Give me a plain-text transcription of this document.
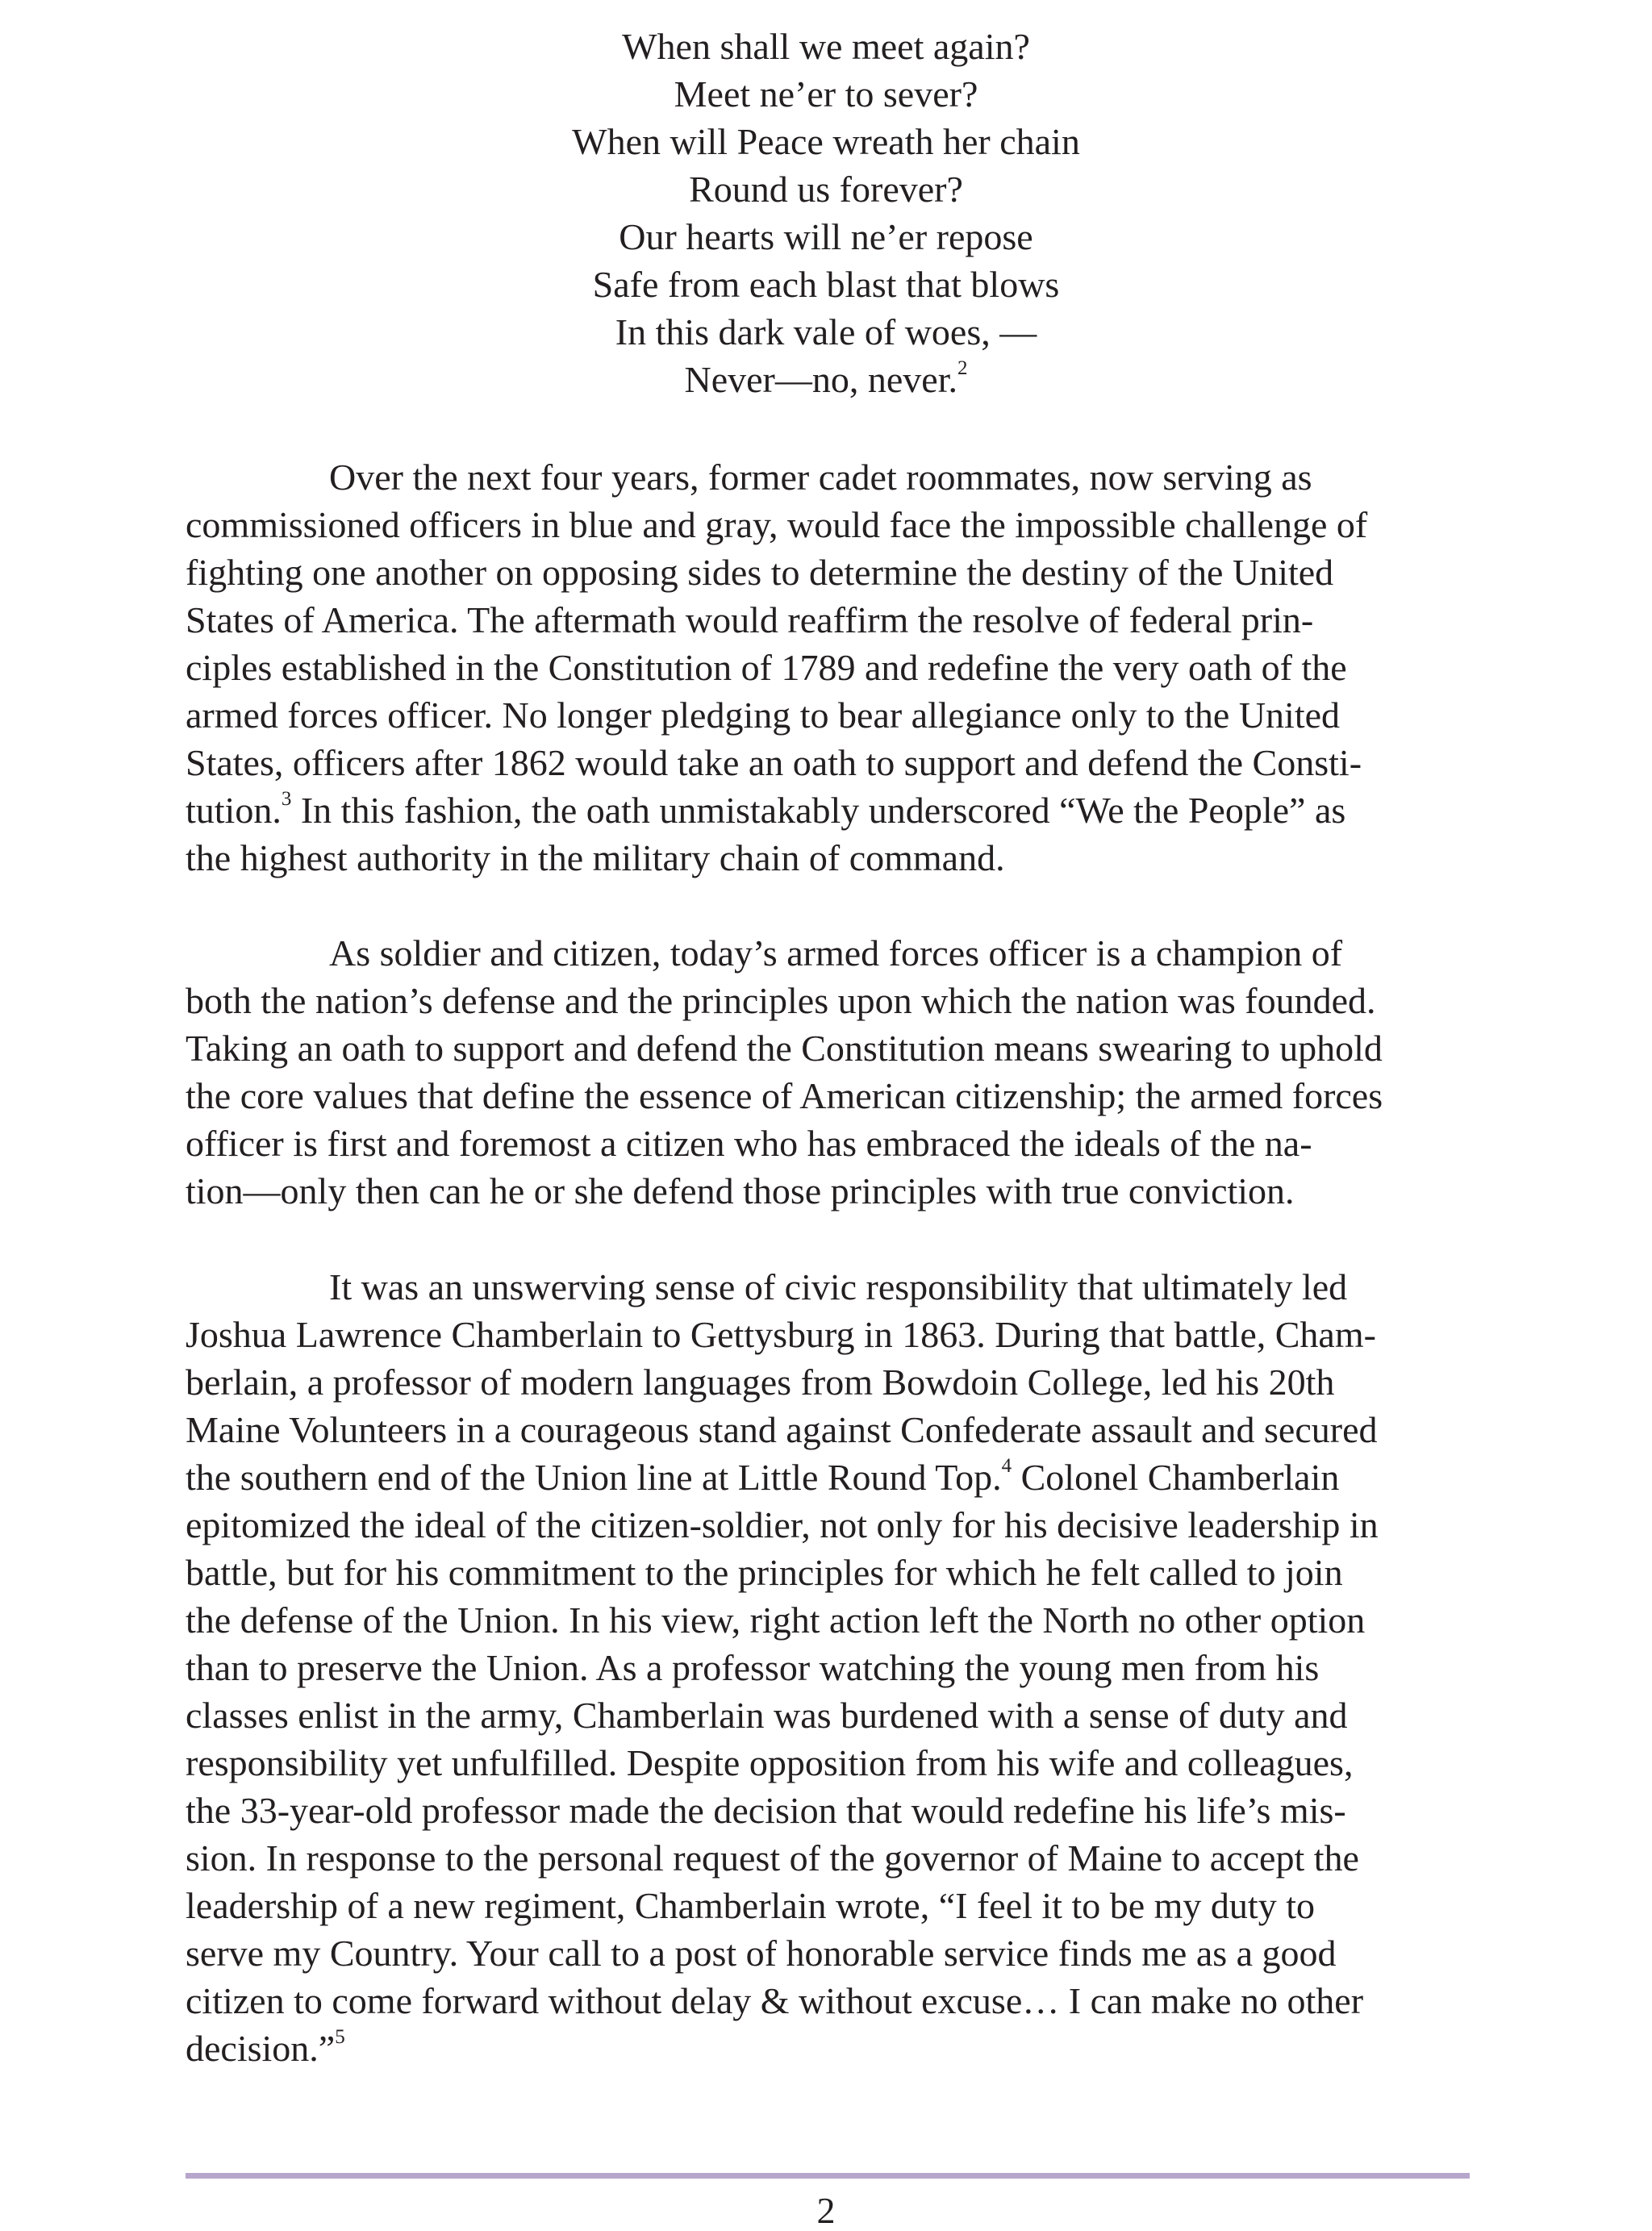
When shall we meet again?
Meet ne’er to sever?
When will Peace wreath her chain
Round us forever?
Our hearts will ne’er repose
Safe from each blast that blows
In this dark vale of woes, —
Never—no, never.$^2$
Over the next four years, former cadet roommates, now serving as
commissioned officers in blue and gray, would face the impossible challenge of
fighting one another on opposing sides to determine the destiny of the United
States of America. The aftermath would reaffirm the resolve of federal prin-
ciples established in the Constitution of 1789 and redefine the very oath of the
armed forces officer. No longer pledging to bear allegiance only to the United
States, officers after 1862 would take an oath to support and defend the Consti-
tution.$^3$ In this fashion, the oath unmistakably underscored “We the People” as
the highest authority in the military chain of command.
As soldier and citizen, today’s armed forces officer is a champion of
both the nation’s defense and the principles upon which the nation was founded.
Taking an oath to support and defend the Constitution means swearing to uphold
the core values that define the essence of American citizenship; the armed forces
officer is first and foremost a citizen who has embraced the ideals of the na-
tion—only then can he or she defend those principles with true conviction.
It was an unswerving sense of civic responsibility that ultimately led
Joshua Lawrence Chamberlain to Gettysburg in 1863. During that battle, Cham-
berlain, a professor of modern languages from Bowdoin College, led his 20th
Maine Volunteers in a courageous stand against Confederate assault and secured
the southern end of the Union line at Little Round Top.$^4$ Colonel Chamberlain
epitomized the ideal of the citizen-soldier, not only for his decisive leadership in
battle, but for his commitment to the principles for which he felt called to join
the defense of the Union. In his view, right action left the North no other option
than to preserve the Union. As a professor watching the young men from his
classes enlist in the army, Chamberlain was burdened with a sense of duty and
responsibility yet unfulfilled. Despite opposition from his wife and colleagues,
the 33-year-old professor made the decision that would redefine his life’s mis-
sion. In response to the personal request of the governor of Maine to accept the
leadership of a new regiment, Chamberlain wrote, “I feel it to be my duty to
serve my Country. Your call to a post of honorable service finds me as a good
citizen to come forward without delay & without excuse… I can make no other
decision.”$^5$
2
